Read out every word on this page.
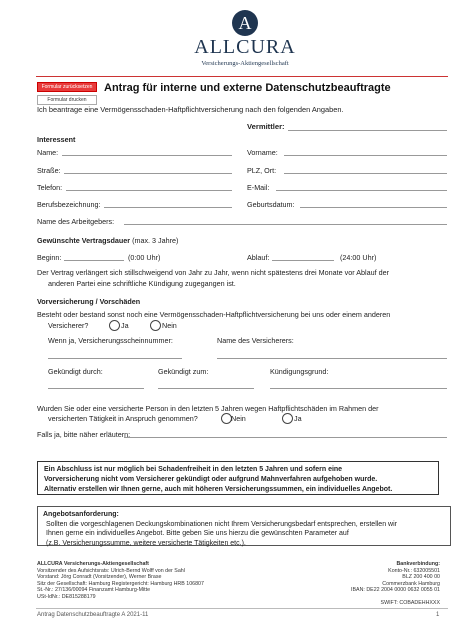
A
ALLCURA
Versicherungs-Aktiengesellschaft
Formular zurücksetzen
Formular drucken
Antrag für interne und externe Datenschutzbeauftragte
Ich beantrage eine Vermögensschaden-Haftpflichtversicherung nach den folgenden Angaben.
Vermittler:
Interessent
Name:	Vorname:
Straße:	PLZ, Ort:
Telefon:	E-Mail:
Berufsbezeichnung:	Geburtsdatum:
Name des Arbeitgebers:
Gewünschte Vertragsdauer (max. 3 Jahre)
Beginn:	(0:00 Uhr)	Ablauf:	(24:00 Uhr)
Der Vertrag verlängert sich stillschweigend von Jahr zu Jahr, wenn nicht spätestens drei Monate vor Ablauf der
anderen Partei eine schriftliche Kündigung zugegangen ist.
Vorversicherung / Vorschäden
Besteht oder bestand sonst noch eine Vermögensschaden-Haftpflichtversicherung bei uns oder einem anderen
Versicherer?	Ja	Nein
Wenn ja, Versicherungsscheinnummer:	Name des Versicherers:
Gekündigt durch:	Gekündigt zum:	Kündigungsgrund:
Wurden Sie oder eine versicherte Person in den letzten 5 Jahren wegen Haftpflichtschäden im Rahmen der
versicherten Tätigkeit in Anspruch genommen?	Nein	Ja
Falls ja, bitte näher erläutern:
Ein Abschluss ist nur möglich bei Schadenfreiheit in den letzten 5 Jahren und sofern eine
Vorversicherung nicht vom Versicherer gekündigt oder aufgrund Mahnverfahren aufgehoben wurde.
Alternativ erstellen wir Ihnen gerne, auch mit höheren Versicherungssummen, ein individuelles Angebot.
Angebotsanforderung:
Sollten die vorgeschlagenen Deckungskombinationen nicht Ihrem Versicherungsbedarf entsprechen, erstellen wir
Ihnen gerne ein individuelles Angebot. Bitte geben Sie uns hierzu die gewünschten Parameter auf
(z.B. Versicherungssumme, weitere versicherte Tätigkeiten etc.).
ALLCURA Versicherungs-Aktiengesellschaft
Vorsitzender des Aufsichtsrats: Ulrich-Bernd Wolff von der Sahl
Vorstand: Jörg Conradt (Vorsitzender), Werner Brase
Sitz der Gesellschaft: Hamburg Registergericht: Hamburg HRB 106807
St.-Nr.: 27/136/00094 Finanzamt Hamburg-Mitte
USt-IdNr.: DE815288179
Bankverbindung:
Konto-Nr.: 632005501
BLZ 200 400 00
Commerzbank Hamburg
IBAN: DE22 2004 0000 0632 0055 01
SWIFT: COBADEHHXXX
Antrag Datenschutzbeauftragte A 2021-11	1
